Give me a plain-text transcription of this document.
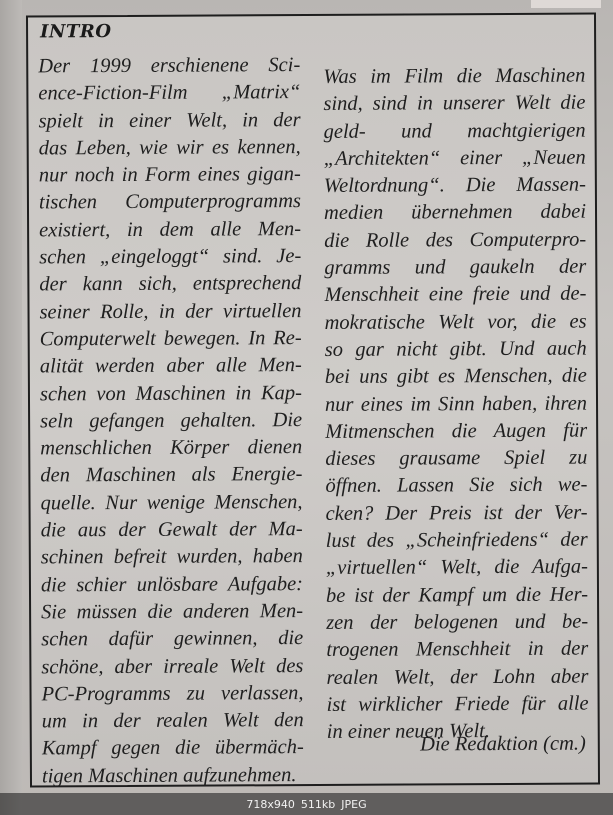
INTRO
Der 1999 erschienene Sci-
ence-Fiction-Film „Matrix“
spielt in einer Welt, in der
das Leben, wie wir es kennen,
nur noch in Form eines gigan-
tischen Computerprogramms
existiert, in dem alle Men-
schen „eingeloggt“ sind. Je-
der kann sich, entsprechend
seiner Rolle, in der virtuellen
Computerwelt bewegen. In Re-
alität werden aber alle Men-
schen von Maschinen in Kap-
seln gefangen gehalten. Die
menschlichen Körper dienen
den Maschinen als Energie-
quelle. Nur wenige Menschen,
die aus der Gewalt der Ma-
schinen befreit wurden, haben
die schier unlösbare Aufgabe:
Sie müssen die anderen Men-
schen dafür gewinnen, die
schöne, aber irreale Welt des
PC-Programms zu verlassen,
um in der realen Welt den
Kampf gegen die übermäch-
tigen Maschinen aufzunehmen.
Was im Film die Maschinen
sind, sind in unserer Welt die
geld- und machtgierigen
„Architekten“ einer „Neuen
Weltordnung“. Die Massen-
medien übernehmen dabei
die Rolle des Computerpro-
gramms und gaukeln der
Menschheit eine freie und de-
mokratische Welt vor, die es
so gar nicht gibt. Und auch
bei uns gibt es Menschen, die
nur eines im Sinn haben, ihren
Mitmenschen die Augen für
dieses grausame Spiel zu
öffnen. Lassen Sie sich we-
cken? Der Preis ist der Ver-
lust des „Scheinfriedens“ der
„virtuellen“ Welt, die Aufga-
be ist der Kampf um die Her-
zen der belogenen und be-
trogenen Menschheit in der
realen Welt, der Lohn aber
ist wirklicher Friede für alle
in einer neuen Welt.
Die Redaktion (cm.)
718x940 511kb JPEG
